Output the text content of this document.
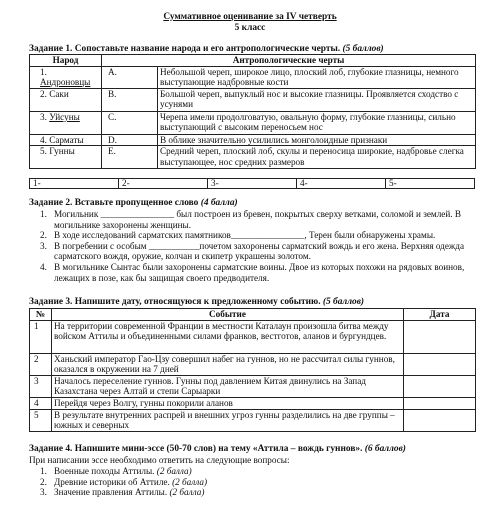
Суммативное оценивание за IV четверть
5 класс
Задание 1. Сопоставьте название народа и его антропологические черты. (5 баллов)
Народ	Антропологические черты	
1. Андроновцы	A.	Небольшой череп, широкое лицо, плоский лоб, глубокие глазницы, немного выступающие надбровные кости
2. Саки	B.	Большой череп, выпуклый нос и высокие глазницы. Проявляется сходство с усунями
3. Уйсуны	C.	Черепа имели продолговатую, овальную форму, глубокие глазницы, сильно выступающий с высоким переносьем нос
4. Сарматы	D.	В облике значительно усилились монголоидные признаки
5. Гунны	E.	Средний череп, плоский лоб, скулы и переносица широкие, надбровье слегка выступающее, нос средних размеров
1-	2-	3-	4-	5-
Задание 2. Вставьте пропущенное слово (4 балла)
1. Могильник ________________ был построен из бревен, покрытых сверху ветками, соломой и землей. В могильнике захоронены женщины.
2. В ходе исследований сарматских памятников________________, Терен были обнаружены храмы.
3. В погребении с особым ___________почетом захоронены сарматский вождь и его жена. Верхняя одежда сарматского вождя, оружие, колчан и скипетр украшены золотом.
4. В могильнике Сынтас были захоронены сарматские воины. Двое из которых похожи на рядовых воинов, лежащих в позе, как бы защищая своего предводителя.
Задание 3. Напишите дату, относящуюся к предложенному событию. (5 баллов)
№	Событие	Дата
1	На территории современной Франции в местности Каталаун произошла битва между войском Аттилы и объединенными силами франков, вестготов, аланов и бургундцев.	
2	Ханьский император Гао-Цзу совершил набег на гуннов, но не рассчитал силы гуннов, оказался в окружении на 7 дней	
3	Началось переселение гуннов. Гунны под давлением Китая двинулись на Запад Казахстана через Алтай и степи Сарыарки	
4	Перейдя через Волгу, гунны покорили аланов	
5	В результате внутренних распрей и внешних угроз гунны разделились на две группы – южных и северных	
Задание 4. Напишите мини-эссе (50-70 слов) на тему «Аттила – вождь гуннов». (6 баллов)
При написании эссе необходимо ответить на следующие вопросы:
1. Военные походы Аттилы. (2 балла)
2. Древние историки об Аттиле. (2 балла)
3. Значение правления Аттилы. (2 балла)
